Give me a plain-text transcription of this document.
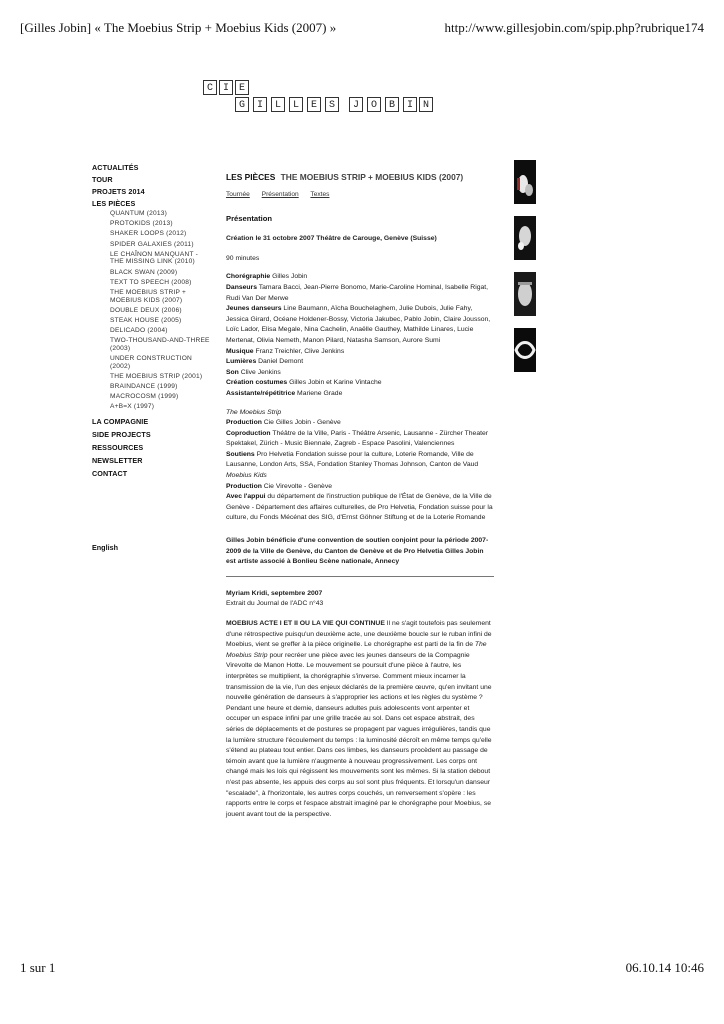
[Gilles Jobin] « The Moebius Strip + Moebius Kids (2007) »	http://www.gillesjobin.com/spip.php?rubrique174
C I E
G	I	L	L	E	S	J	O	B	I N
ACTUALITÉS
TOUR
PROJETS 2014
LES PIÈCES
QUANTUM (2013)
PROTOKIDS (2013)
SHAKER LOOPS (2012)
SPIDER GALAXIES (2011)
LE CHAÎNON MANQUANT - THE MISSING LINK (2010)
BLACK SWAN (2009)
TEXT TO SPEECH (2008)
THE MOEBIUS STRIP + MOEBIUS KIDS (2007)
DOUBLE DEUX (2006)
STEAK HOUSE (2005)
DELICADO (2004)
TWO-THOUSAND-AND-THREE (2003)
UNDER CONSTRUCTION (2002)
THE MOEBIUS STRIP (2001)
BRAINDANCE (1999)
MACROCOSM (1999)
A+B=X (1997)
LA COMPAGNIE
SIDE PROJECTS
RESSOURCES
NEWSLETTER
CONTACT
English
LES PIÈCES THE MOEBIUS STRIP + MOEBIUS KIDS (2007)
Tournée Présentation Textes
Présentation
Création le 31 octobre 2007 Théâtre de Carouge, Genève (Suisse)
90 minutes
Chorégraphie Gilles Jobin
Danseurs Tamara Bacci, Jean-Pierre Bonomo, Marie-Caroline Hominal, Isabelle Rigat, Rudi Van Der Merwe
Jeunes danseurs Line Baumann, Aïcha Bouchelaghem, Julie Dubois, Julie Fahy, Jessica Girard, Océane Holdener-Bossy, Victoria Jakubec, Pablo Jobin, Claire Jousson, Loïc Lador, Elisa Megale, Nina Cachelin, Anaëlle Gauthey, Mathilde Linares, Lucie Mertenat, Olivia Nemeth, Manon Pilard, Natasha Samson, Aurore Sumi
Musique Franz Treichler, Clive Jenkins
Lumières Daniel Demont
Son Clive Jenkins
Création costumes Gilles Jobin et Karine Vintache
Assistante/répétitrice Mariene Grade
The Moebius Strip
Production Cie Gilles Jobin - Genève
Coproduction Théâtre de la Ville, Paris - Théâtre Arsenic, Lausanne - Zürcher Theater Spektakel, Zürich - Music Biennale, Zagreb - Espace Pasolini, Valenciennes
Soutiens Pro Helvetia Fondation suisse pour la culture, Loterie Romande, Ville de Lausanne, London Arts, SSA, Fondation Stanley Thomas Johnson, Canton de Vaud
Moebius Kids
Production Cie Virevolte - Genève
Avec l'appui du département de l'instruction publique de l'État de Genève, de la Ville de Genève - Département des affaires culturelles, de Pro Helvetia, Fondation suisse pour la culture, du Fonds Mécénat des SIG, d'Ernst Göhner Stiftung et de la Loterie Romande
Gilles Jobin bénéficie d'une convention de soutien conjoint pour la période 2007-2009 de la Ville de Genève, du Canton de Genève et de Pro Helvetia Gilles Jobin est artiste associé à Bonlieu Scène nationale, Annecy
Myriam Kridi, septembre 2007
Extrait du Journal de l'ADC n°43
MOEBIUS ACTE I ET II OU LA VIE QUI CONTINUE Il ne s'agit toutefois pas seulement d'une rétrospective puisqu'un deuxième acte, une deuxième boucle sur le ruban infini de Moebius, vient se greffer à la pièce originelle. Le chorégraphe est parti de la fin de The Moebius Strip pour recréer une pièce avec les jeunes danseurs de la Compagnie Virevolte de Manon Hotte. Le mouvement se poursuit d'une pièce à l'autre, les interprètes se multiplient, la chorégraphie s'inverse. Comment mieux incarner la transmission de la vie, l'un des enjeux déclarés de la première œuvre, qu'en invitant une nouvelle génération de danseurs à s'approprier les actions et les règles du système ? Pendant une heure et demie, danseurs adultes puis adolescents vont arpenter et occuper un espace infini par une grille tracée au sol. Dans cet espace abstrait, des séries de déplacements et de postures se propagent par vagues irrégulières, tandis que la lumière structure l'écoulement du temps : la luminosité décroît en même temps qu'elle s'étend au plateau tout entier. Dans ces limbes, les danseurs procèdent au passage de témoin avant que la lumière n'augmente à nouveau progressivement. Les corps ont changé mais les lois qui régissent les mouvements sont les mêmes. Si la station debout n'est pas absente, les appuis des corps au sol sont plus fréquents. Et lorsqu'un danseur "escalade", à l'horizontale, les autres corps couchés, un renversement s'opère : les rapports entre le corps et l'espace abstrait imaginé par le chorégraphe pour Moebius, se jouent avant tout de la perspective.
1 sur 1	06.10.14 10:46
